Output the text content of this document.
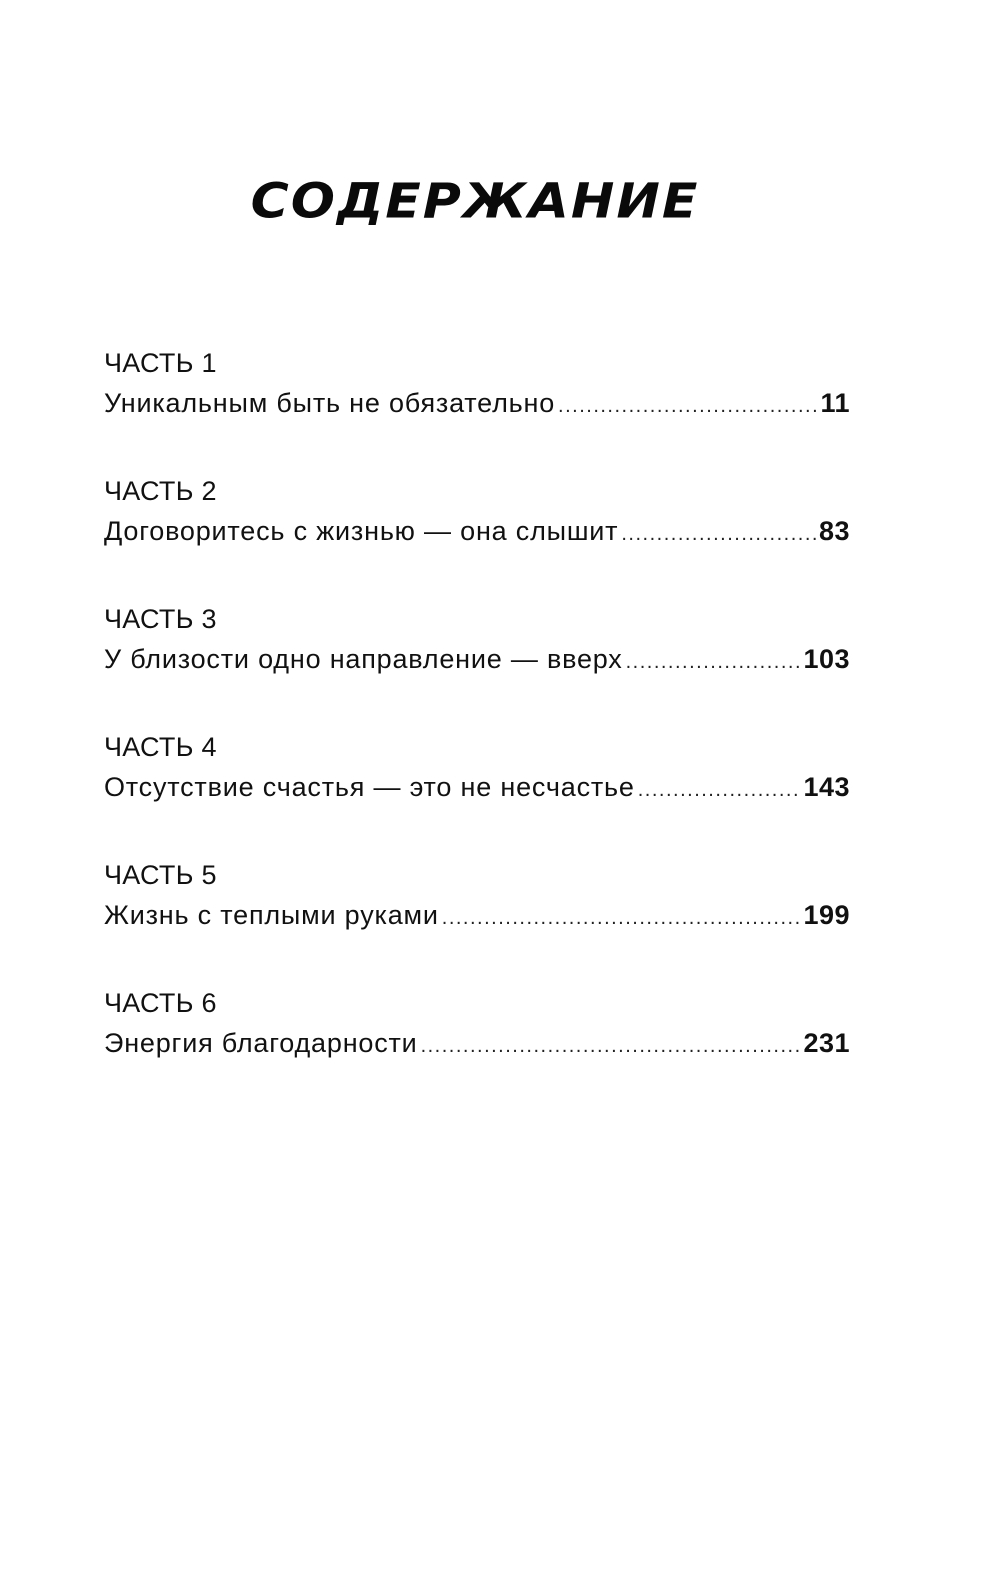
СОДЕРЖАНИЕ
ЧАСТЬ 1
Уникальным быть не обязательно .....	11
ЧАСТЬ 2
Договоритесь с жизнью — она слышит .....	83
ЧАСТЬ 3
У близости одно направление — вверх .....	103
ЧАСТЬ 4
Отсутствие счастья — это не несчастье .....	143
ЧАСТЬ 5
Жизнь с теплыми руками .....	199
ЧАСТЬ 6
Энергия благодарности .....	231
